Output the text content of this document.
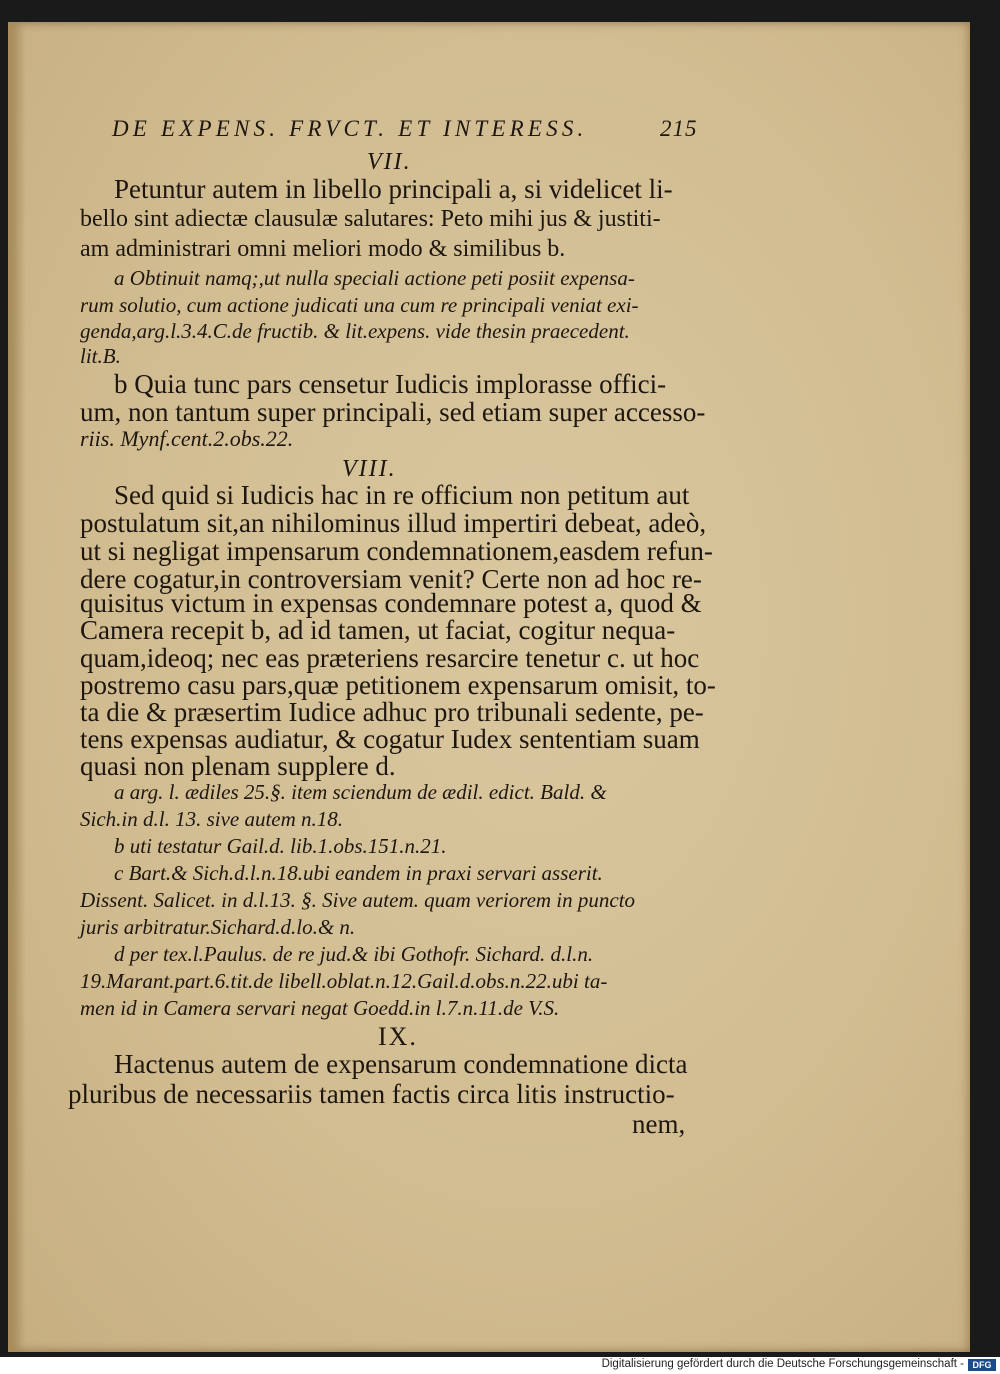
DE EXPENS. FRVCT. ET INTERESS.	215
VII.
Petuntur autem in libello principali a, si videlicet li-
bello sint adiectæ clausulæ salutares: Peto mihi jus & justiti-
am administrari omni meliori modo & similibus b.
a Obtinuit namq;,ut nulla speciali actione peti posiit expensa-
rum solutio, cum actione judicati una cum re principali veniat exi-
genda,arg.l.3.4.C.de fructib. & lit.expens. vide thesin praecedent.
lit.B.
b Quia tunc pars censetur Iudicis implorasse offici-
um, non tantum super principali, sed etiam super accesso-
riis. Mynf.cent.2.obs.22.
VIII.
Sed quid si Iudicis hac in re officium non petitum aut
postulatum sit,an nihilominus illud impertiri debeat, adeò,
ut si negligat impensarum condemnationem,easdem refun-
dere cogatur,in controversiam venit? Certe non ad hoc re-
quisitus victum in expensas condemnare potest a, quod &
Camera recepit b, ad id tamen, ut faciat, cogitur nequa-
quam,ideoq; nec eas præteriens resarcire tenetur c. ut hoc
postremo casu pars,quæ petitionem expensarum omisit, to-
ta die & præsertim Iudice adhuc pro tribunali sedente, pe-
tens expensas audiatur, & cogatur Iudex sententiam suam
quasi non plenam supplere d.
a arg. l. ædiles 25.§. item sciendum de ædil. edict. Bald. &
Sich.in d.l. 13. sive autem n.18.
b uti testatur Gail.d. lib.1.obs.151.n.21.
c Bart.& Sich.d.l.n.18.ubi eandem in praxi servari asserit.
Dissent. Salicet. in d.l.13. §. Sive autem. quam veriorem in puncto
juris arbitratur.Sichard.d.lo.& n.
d per tex.l.Paulus. de re jud.& ibi Gothofr. Sichard. d.l.n.
19.Marant.part.6.tit.de libell.oblat.n.12.Gail.d.obs.n.22.ubi ta-
men id in Camera servari negat Goedd.in l.7.n.11.de V.S.
IX.
Hactenus autem de expensarum condemnatione dicta
pluribus de necessariis tamen factis circa litis instructio-
nem,
Digitalisierung gefördert durch die Deutsche Forschungsgemeinschaft - DFG
